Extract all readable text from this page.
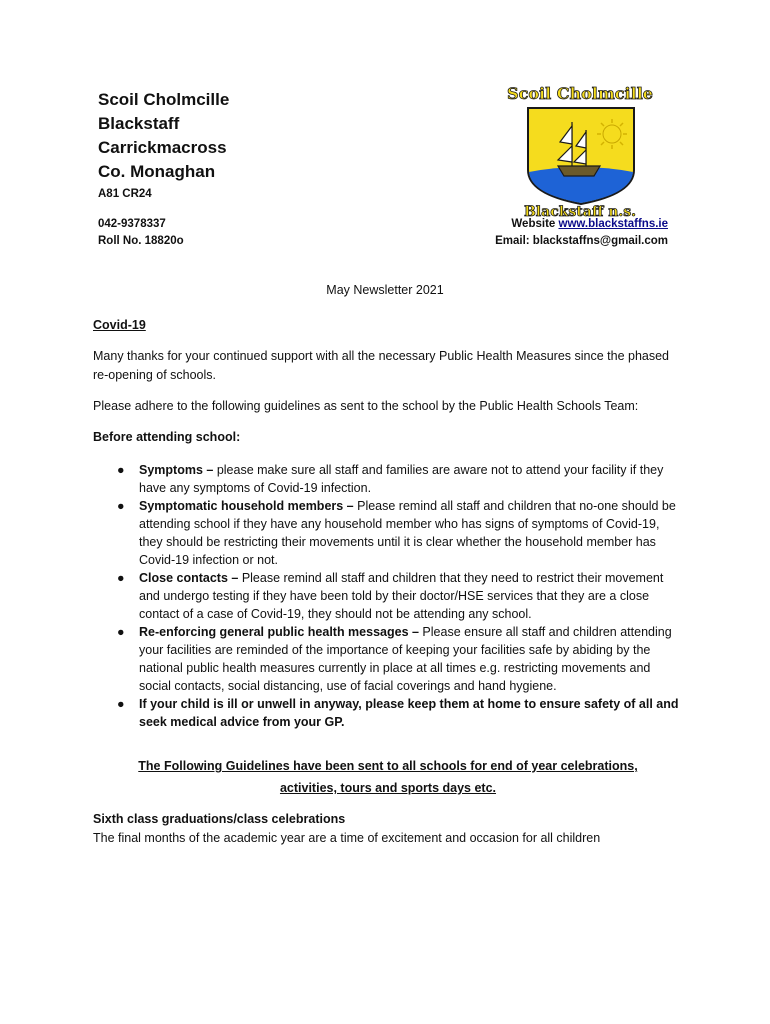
Scoil Cholmcille
Blackstaff
Carrickmacross
Co. Monaghan
A81 CR24
042-9378337
Roll No. 18820o
Website www.blackstaffns.ie
Email: blackstaffns@gmail.com
Scoil Cholmcille
Blackstaff n.s.
May Newsletter 2021

Covid-19

Many thanks for your continued support with all the necessary Public Health Measures since the phased re-opening of schools.

Please adhere to the following guidelines as sent to the school by the Public Health Schools Team:

Before attending school:

● Symptoms – please make sure all staff and families are aware not to attend your facility if they have any symptoms of Covid-19 infection.
● Symptomatic household members – Please remind all staff and children that no-one should be attending school if they have any household member who has signs of symptoms of Covid-19, they should be restricting their movements until it is clear whether the household member has Covid-19 infection or not.
● Close contacts – Please remind all staff and children that they need to restrict their movement and undergo testing if they have been told by their doctor/HSE services that they are a close contact of a case of Covid-19, they should not be attending any school.
● Re-enforcing general public health messages – Please ensure all staff and children attending your facilities are reminded of the importance of keeping your facilities safe by abiding by the national public health measures currently in place at all times e.g. restricting movements and social contacts, social distancing, use of facial coverings and hand hygiene.
● If your child is ill or unwell in anyway, please keep them at home to ensure safety of all and seek medical advice from your GP.
The Following Guidelines have been sent to all schools for end of year celebrations,
activities, tours and sports days etc.

Sixth class graduations/class celebrations

The final months of the academic year are a time of excitement and occasion for all children
